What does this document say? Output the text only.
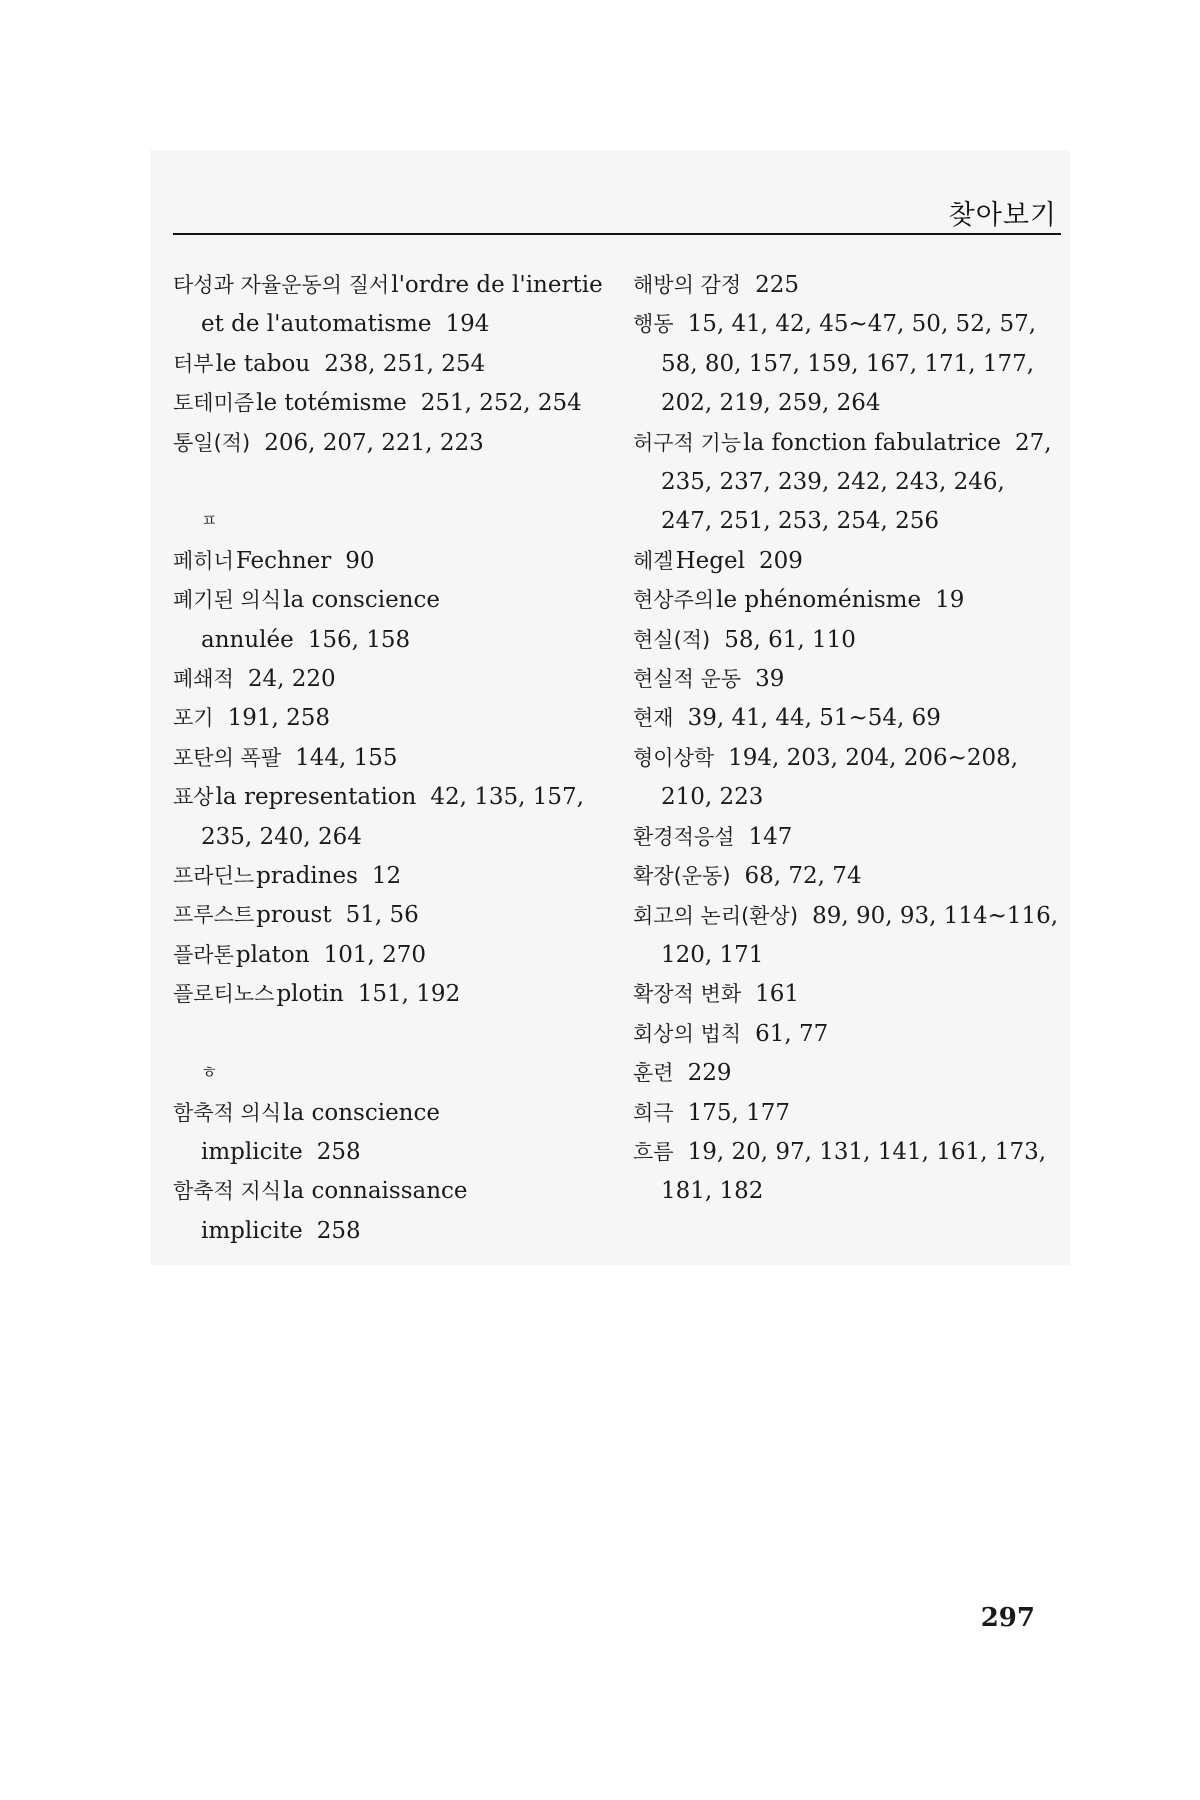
찾아보기
타성과 자율운동의 질서l'ordre de l'inertie et de l'automatisme 194
터부le tabou 238, 251, 254
토테미즘le totémisme 251, 252, 254
통일(적) 206, 207, 221, 223
ㅍ
페히너Fechner 90
폐기된 의식la conscience annulée 156, 158
폐쇄적 24, 220
포기 191, 258
포탄의 폭팔 144, 155
표상la representation 42, 135, 157, 235, 240, 264
프라딘느pradines 12
프루스트proust 51, 56
플라톤platon 101, 270
플로티노스plotin 151, 192
ㅎ
함축적 의식la conscience implicite 258
함축적 지식la connaissance implicite 258
해방의 감정 225
행동 15, 41, 42, 45~47, 50, 52, 57, 58, 80, 157, 159, 167, 171, 177, 202, 219, 259, 264
허구적 기능la fonction fabulatrice 27, 235, 237, 239, 242, 243, 246, 247, 251, 253, 254, 256
헤겔Hegel 209
현상주의le phénoménisme 19
현실(적) 58, 61, 110
현실적 운동 39
현재 39, 41, 44, 51~54, 69
형이상학 194, 203, 204, 206~208, 210, 223
환경적응설 147
확장(운동) 68, 72, 74
회고의 논리(환상) 89, 90, 93, 114~116, 120, 171
확장적 변화 161
회상의 법칙 61, 77
훈련 229
희극 175, 177
흐름 19, 20, 97, 131, 141, 161, 173, 181, 182
297
